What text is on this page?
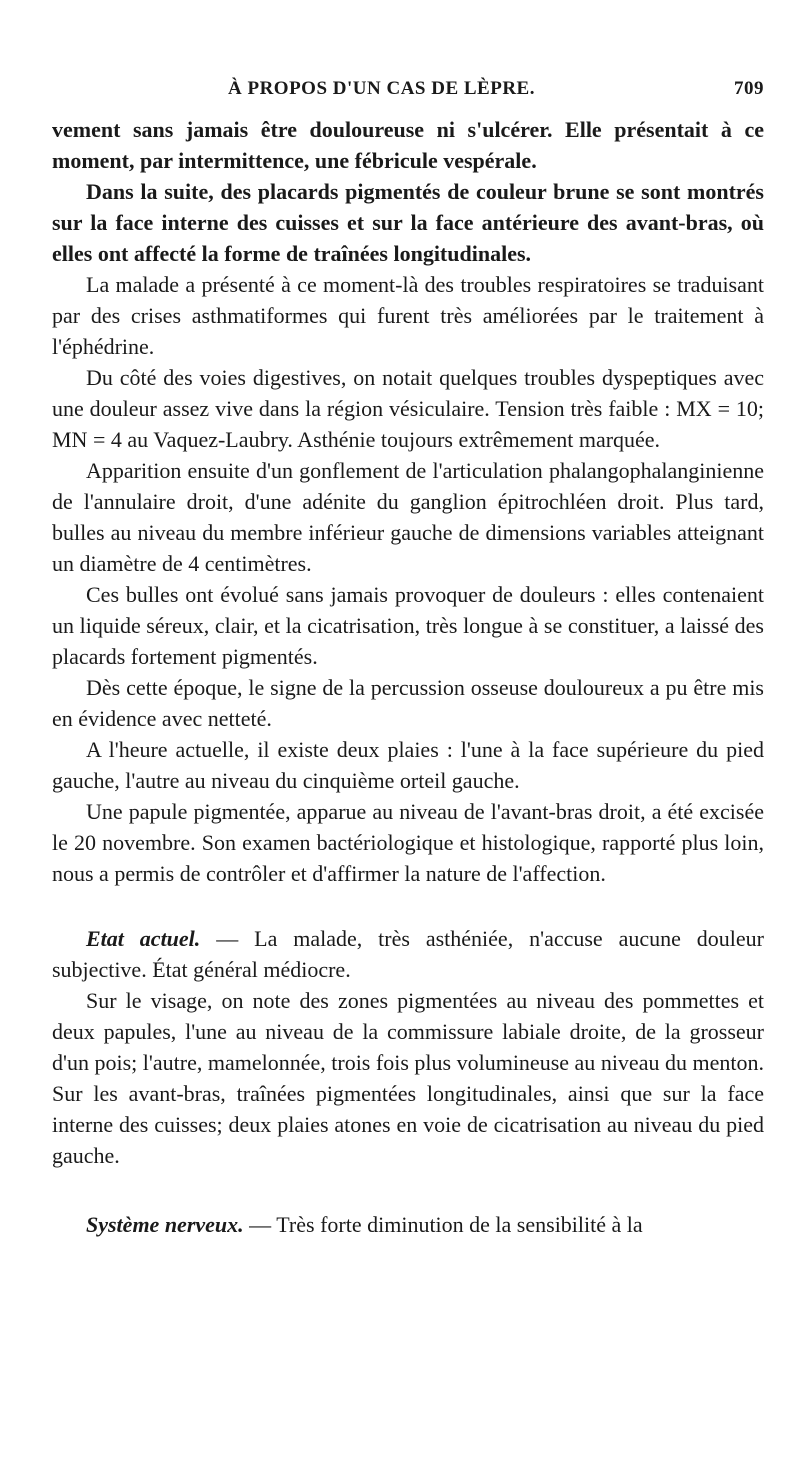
À PROPOS D'UN CAS DE LÈPRE.	709

vement sans jamais être douloureuse ni s'ulcérer. Elle présentait à ce moment, par intermittence, une fébricule vespérale.

Dans la suite, des placards pigmentés de couleur brune se sont montrés sur la face interne des cuisses et sur la face antérieure des avant-bras, où elles ont affecté la forme de traînées longitudinales.

La malade a présenté à ce moment-là des troubles respiratoires se traduisant par des crises asthmatiformes qui furent très améliorées par le traitement à l'éphédrine.

Du côté des voies digestives, on notait quelques troubles dyspeptiques avec une douleur assez vive dans la région vésiculaire. Tension très faible : MX = 10; MN = 4 au Vaquez-Laubry. Asthénie toujours extrêmement marquée.

Apparition ensuite d'un gonflement de l'articulation phalangophalanginienne de l'annulaire droit, d'une adénite du ganglion épitrochléen droit. Plus tard, bulles au niveau du membre inférieur gauche de dimensions variables atteignant un diamètre de 4 centimètres.

Ces bulles ont évolué sans jamais provoquer de douleurs : elles contenaient un liquide séreux, clair, et la cicatrisation, très longue à se constituer, a laissé des placards fortement pigmentés.

Dès cette époque, le signe de la percussion osseuse douloureux a pu être mis en évidence avec netteté.

A l'heure actuelle, il existe deux plaies : l'une à la face supérieure du pied gauche, l'autre au niveau du cinquième orteil gauche.

Une papule pigmentée, apparue au niveau de l'avant-bras droit, a été excisée le 20 novembre. Son examen bactériologique et histologique, rapporté plus loin, nous a permis de contrôler et d'affirmer la nature de l'affection.

Etat actuel. — La malade, très asthéniée, n'accuse aucune douleur subjective. État général médiocre.

Sur le visage, on note des zones pigmentées au niveau des pommettes et deux papules, l'une au niveau de la commissure labiale droite, de la grosseur d'un pois; l'autre, mamelonnée, trois fois plus volumineuse au niveau du menton. Sur les avant-bras, traînées pigmentées longitudinales, ainsi que sur la face interne des cuisses; deux plaies atones en voie de cicatrisation au niveau du pied gauche.

Système nerveux. — Très forte diminution de la sensibilité à la
